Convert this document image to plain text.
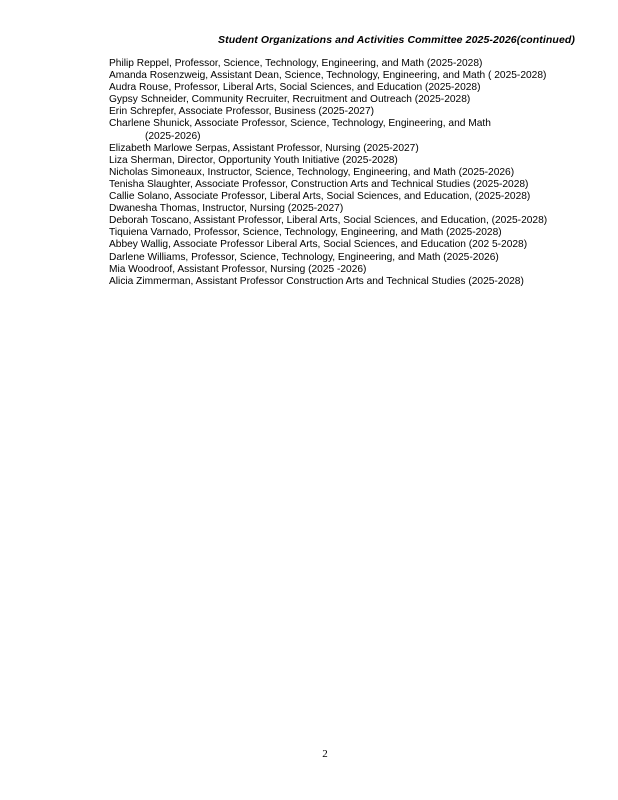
Student Organizations and Activities Committee 2025-2026(continued)
Philip Reppel, Professor, Science, Technology, Engineering, and Math (2025-2028)
Amanda Rosenzweig, Assistant Dean, Science, Technology, Engineering, and Math ( 2025-2028)
Audra Rouse, Professor, Liberal Arts, Social Sciences, and Education (2025-2028)
Gypsy Schneider, Community Recruiter, Recruitment and Outreach (2025-2028)
Erin Schrepfer, Associate Professor, Business (2025-2027)
Charlene Shunick, Associate Professor, Science, Technology, Engineering, and Math
(2025-2026)
Elizabeth Marlowe Serpas, Assistant Professor, Nursing (2025-2027)
Liza Sherman, Director, Opportunity Youth Initiative (2025-2028)
Nicholas Simoneaux, Instructor, Science, Technology, Engineering, and Math (2025-2026)
Tenisha Slaughter, Associate Professor, Construction Arts and Technical Studies (2025-2028)
Callie Solano, Associate Professor, Liberal Arts, Social Sciences, and Education, (2025-2028)
Dwanesha Thomas, Instructor, Nursing (2025-2027)
Deborah Toscano, Assistant Professor, Liberal Arts, Social Sciences, and Education, (2025-2028)
Tiquiena Varnado, Professor, Science, Technology, Engineering, and Math (2025-2028)
Abbey Wallig, Associate Professor Liberal Arts, Social Sciences, and Education (202 5-2028)
Darlene Williams, Professor, Science, Technology, Engineering, and Math (2025-2026)
Mia Woodroof, Assistant Professor, Nursing (2025 -2026)
Alicia Zimmerman, Assistant Professor Construction Arts and Technical Studies (2025-2028)
2
